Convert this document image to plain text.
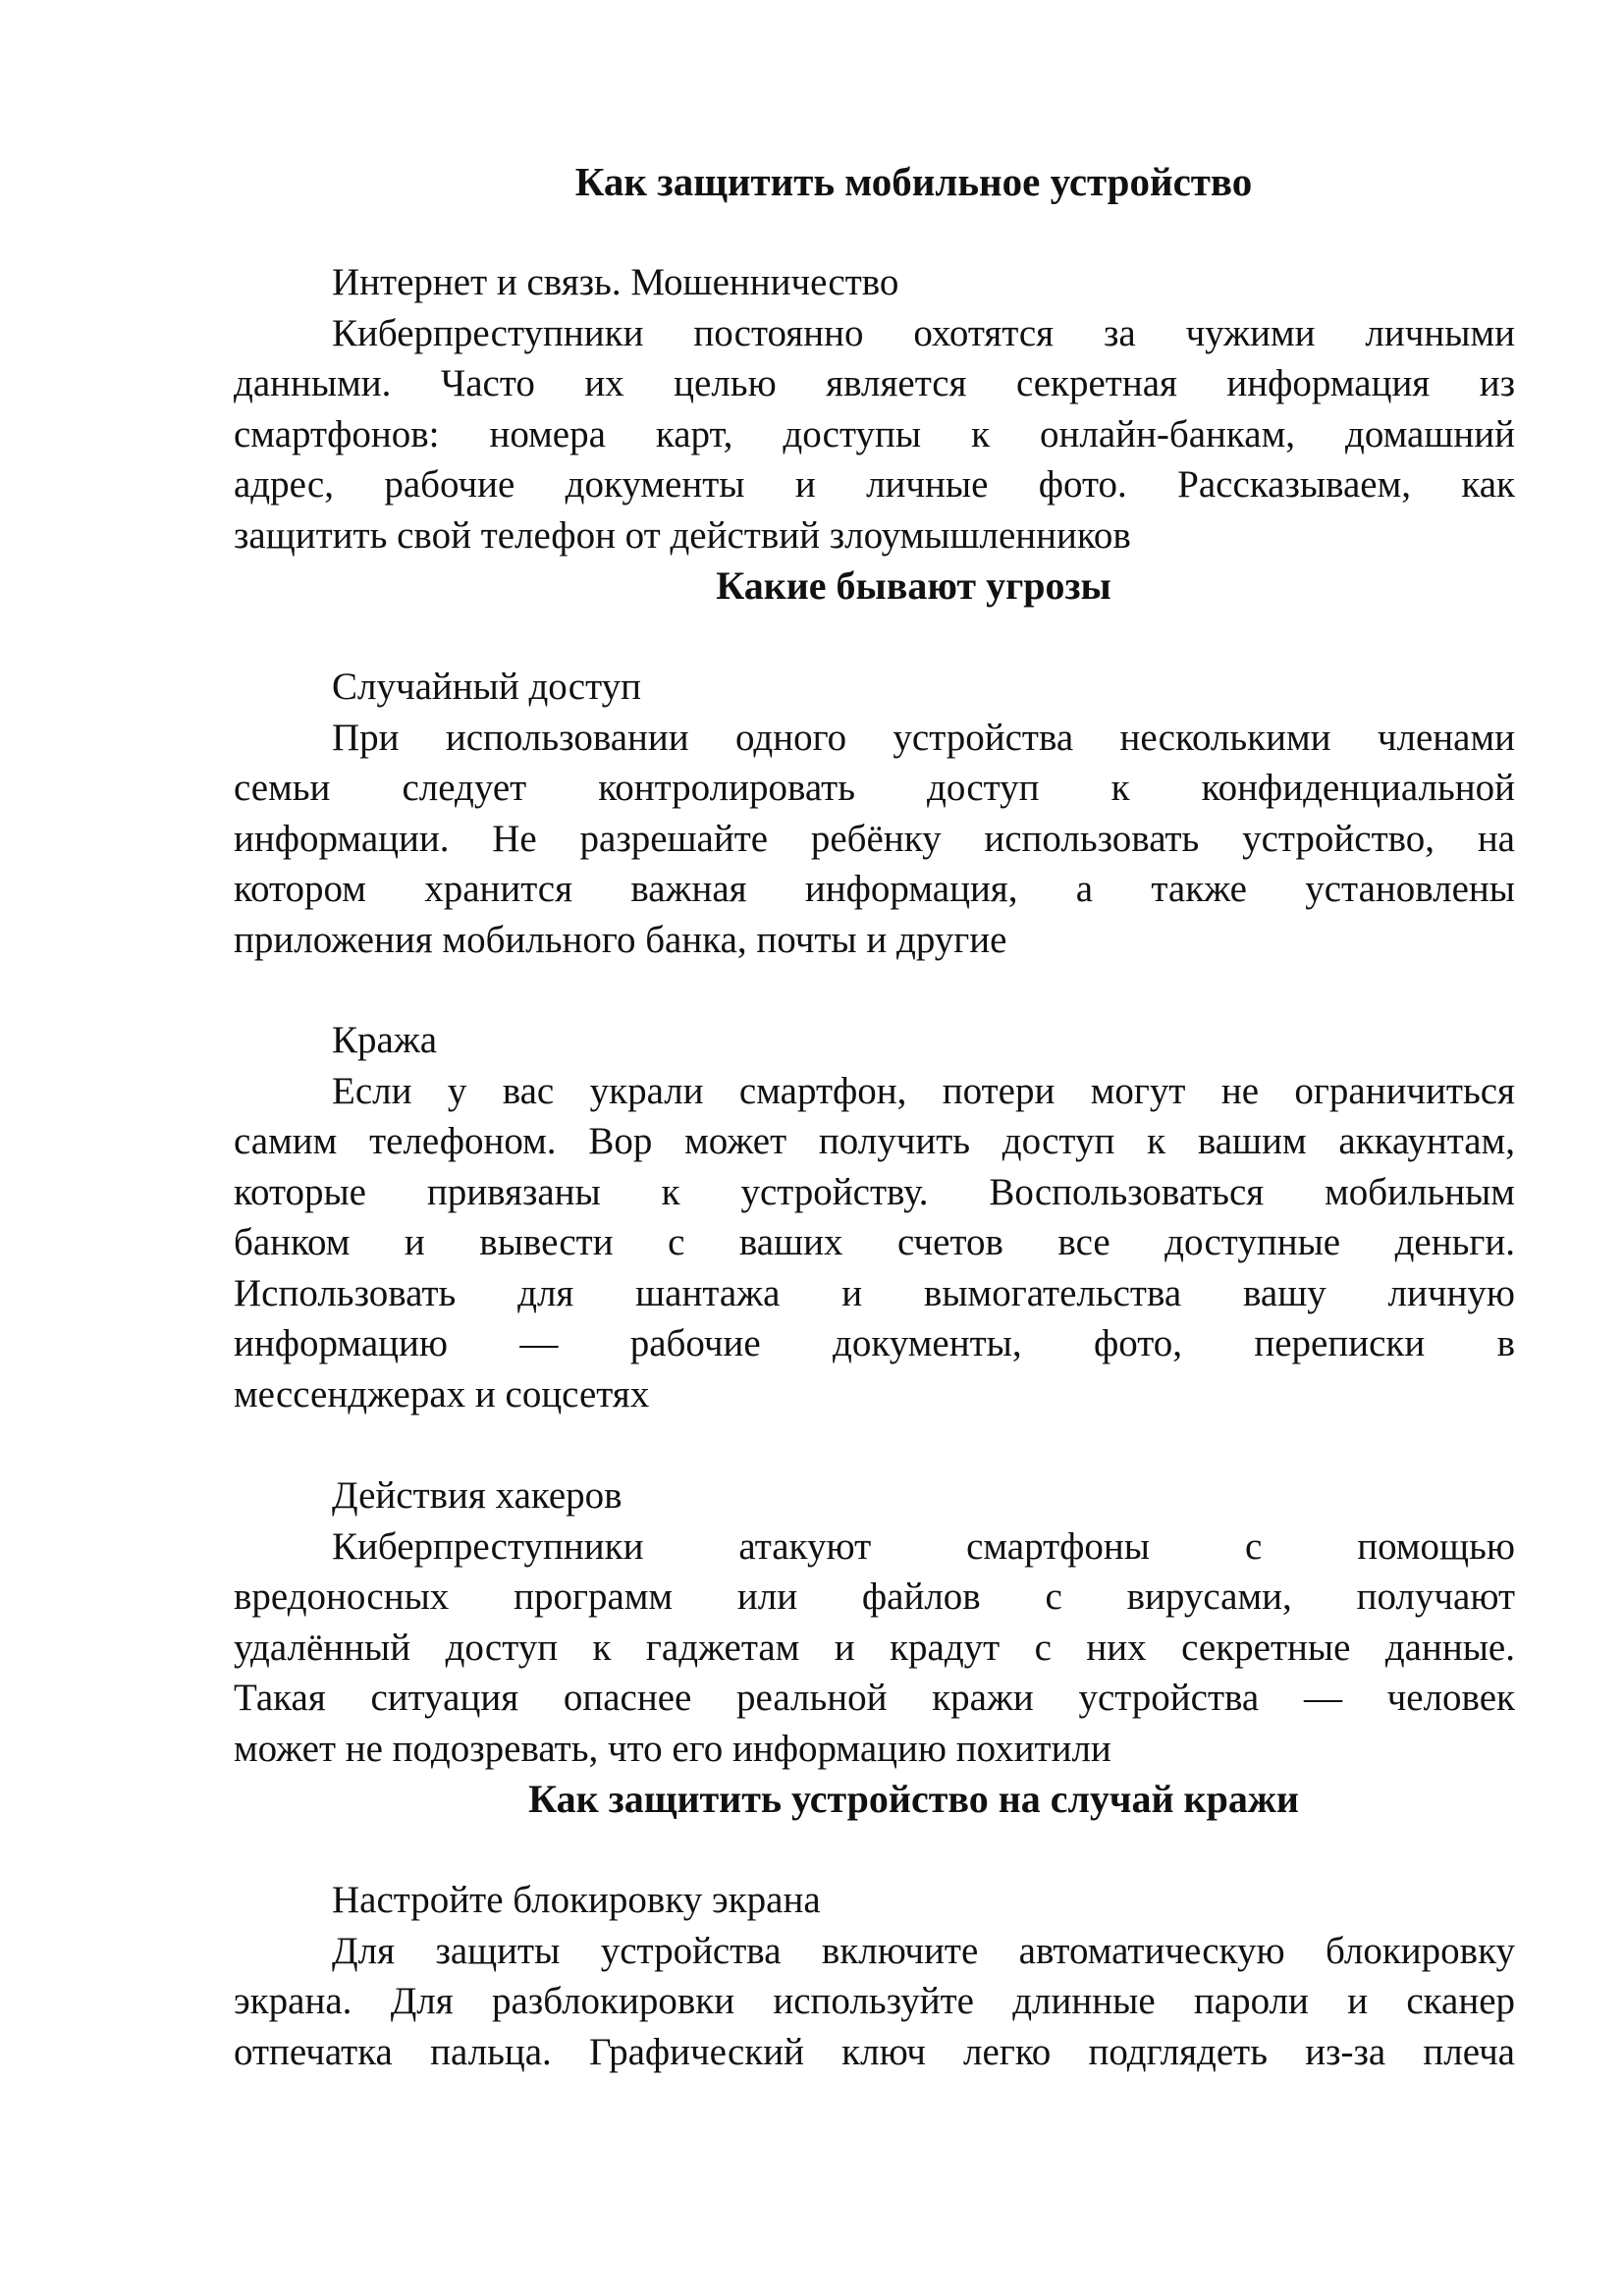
Как защитить мобильное устройство
Интернет и связь. Мошенничество
Киберпреступники постоянно охотятся за чужими личными
данными. Часто их целью является секретная информация из
смартфонов: номера карт, доступы к онлайн-банкам, домашний
адрес, рабочие документы и личные фото. Рассказываем, как
защитить свой телефон от действий злоумышленников
Какие бывают угрозы
Случайный доступ
При использовании одного устройства несколькими членами
семьи следует контролировать доступ к конфиденциальной
информации. Не разрешайте ребёнку использовать устройство, на
котором хранится важная информация, а также установлены
приложения мобильного банка, почты и другие
Кража
Если у вас украли смартфон, потери могут не ограничиться
самим телефоном. Вор может получить доступ к вашим аккаунтам,
которые привязаны к устройству. Воспользоваться мобильным
банком и вывести с ваших счетов все доступные деньги.
Использовать для шантажа и вымогательства вашу личную
информацию — рабочие документы, фото, переписки в
мессенджерах и соцсетях
Действия хакеров
Киберпреступники атакуют смартфоны с помощью
вредоносных программ или файлов с вирусами, получают
удалённый доступ к гаджетам и крадут с них секретные данные.
Такая ситуация опаснее реальной кражи устройства — человек
может не подозревать, что его информацию похитили
Как защитить устройство на случай кражи
Настройте блокировку экрана
Для защиты устройства включите автоматическую блокировку
экрана. Для разблокировки используйте длинные пароли и сканер
отпечатка пальца. Графический ключ легко подглядеть из-за плеча
